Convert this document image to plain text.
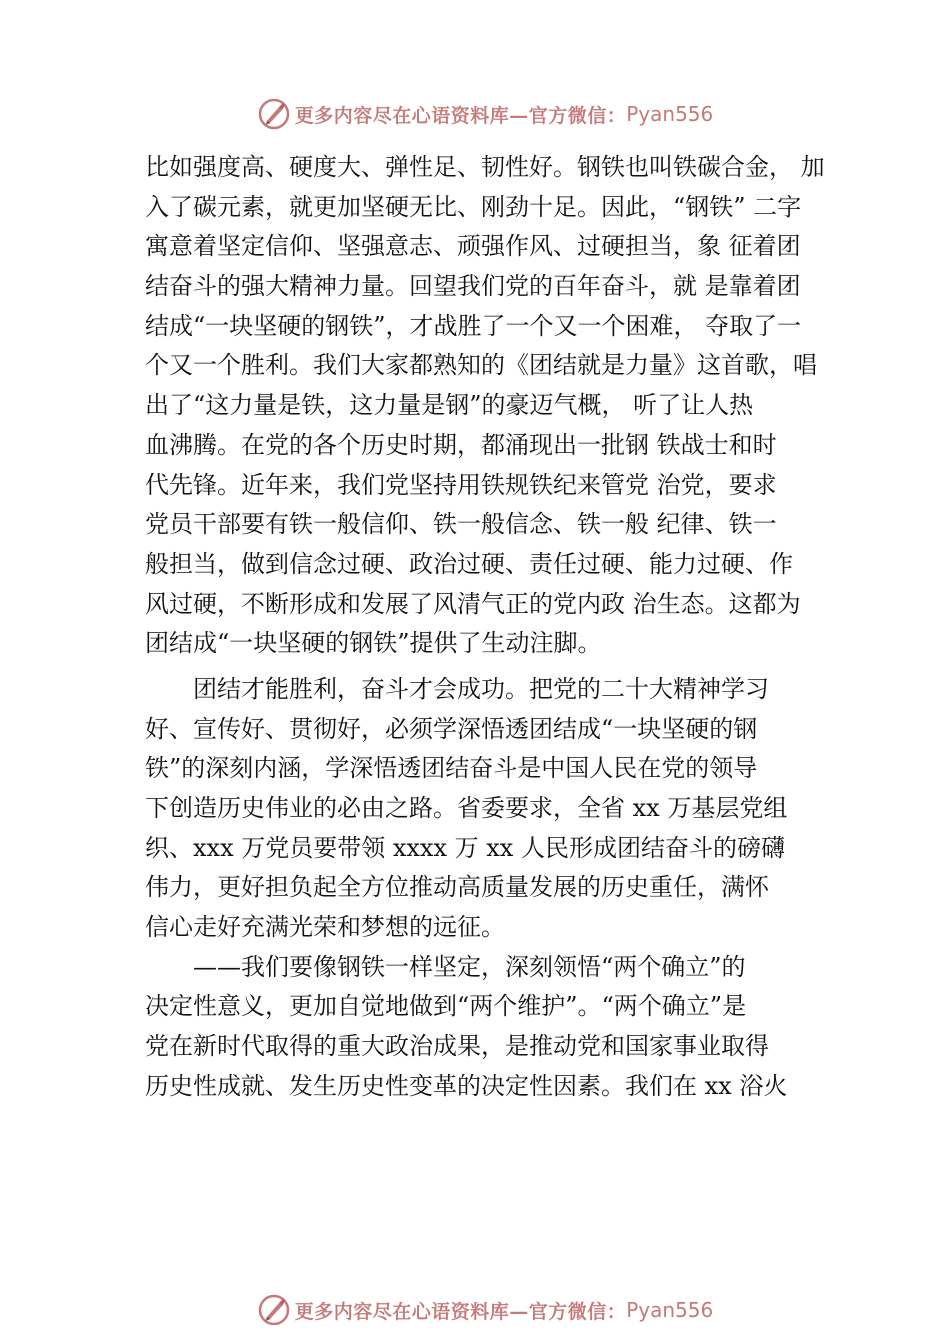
更多内容尽在心语资料库—官方微信： Pyan556
比如强度高、硬度大、弹性足、韧性好。钢铁也叫铁碳合金， 加
入了碳元素，就更加坚硬无比、刚劲十足。因此，“钢铁” 二字
寓意着坚定信仰、坚强意志、顽强作风、过硬担当，象 征着团
结奋斗的强大精神力量。回望我们党的百年奋斗，就 是靠着团
结成“一块坚硬的钢铁”，才战胜了一个又一个困难， 夺取了一
个又一个胜利。我们大家都熟知的《团结就是力量》这首歌，唱
出了“这力量是铁，这力量是钢”的豪迈气概， 听了让人热
血沸腾。在党的各个历史时期，都涌现出一批钢 铁战士和时
代先锋。近年来，我们党坚持用铁规铁纪来管党 治党，要求
党员干部要有铁一般信仰、铁一般信念、铁一般 纪律、铁一
般担当，做到信念过硬、政治过硬、责任过硬、能力过硬、作
风过硬，不断形成和发展了风清气正的党内政 治生态。这都为
团结成“一块坚硬的钢铁”提供了生动注脚。
团结才能胜利，奋斗才会成功。把党的二十大精神学习
好、宣传好、贯彻好，必须学深悟透团结成“一块坚硬的钢
铁”的深刻内涵，学深悟透团结奋斗是中国人民在党的领导
下创造历史伟业的必由之路。省委要求，全省 xx 万基层党组
织、xxx 万党员要带领 xxxx 万 xx 人民形成团结奋斗的磅礴
伟力，更好担负起全方位推动高质量发展的历史重任，满怀
信心走好充满光荣和梦想的远征。
——我们要像钢铁一样坚定，深刻领悟“两个确立”的
决定性意义，更加自觉地做到“两个维护”。“两个确立”是
党在新时代取得的重大政治成果，是推动党和国家事业取得
历史性成就、发生历史性变革的决定性因素。我们在 xx 浴火
更多内容尽在心语资料库—官方微信： Pyan556
